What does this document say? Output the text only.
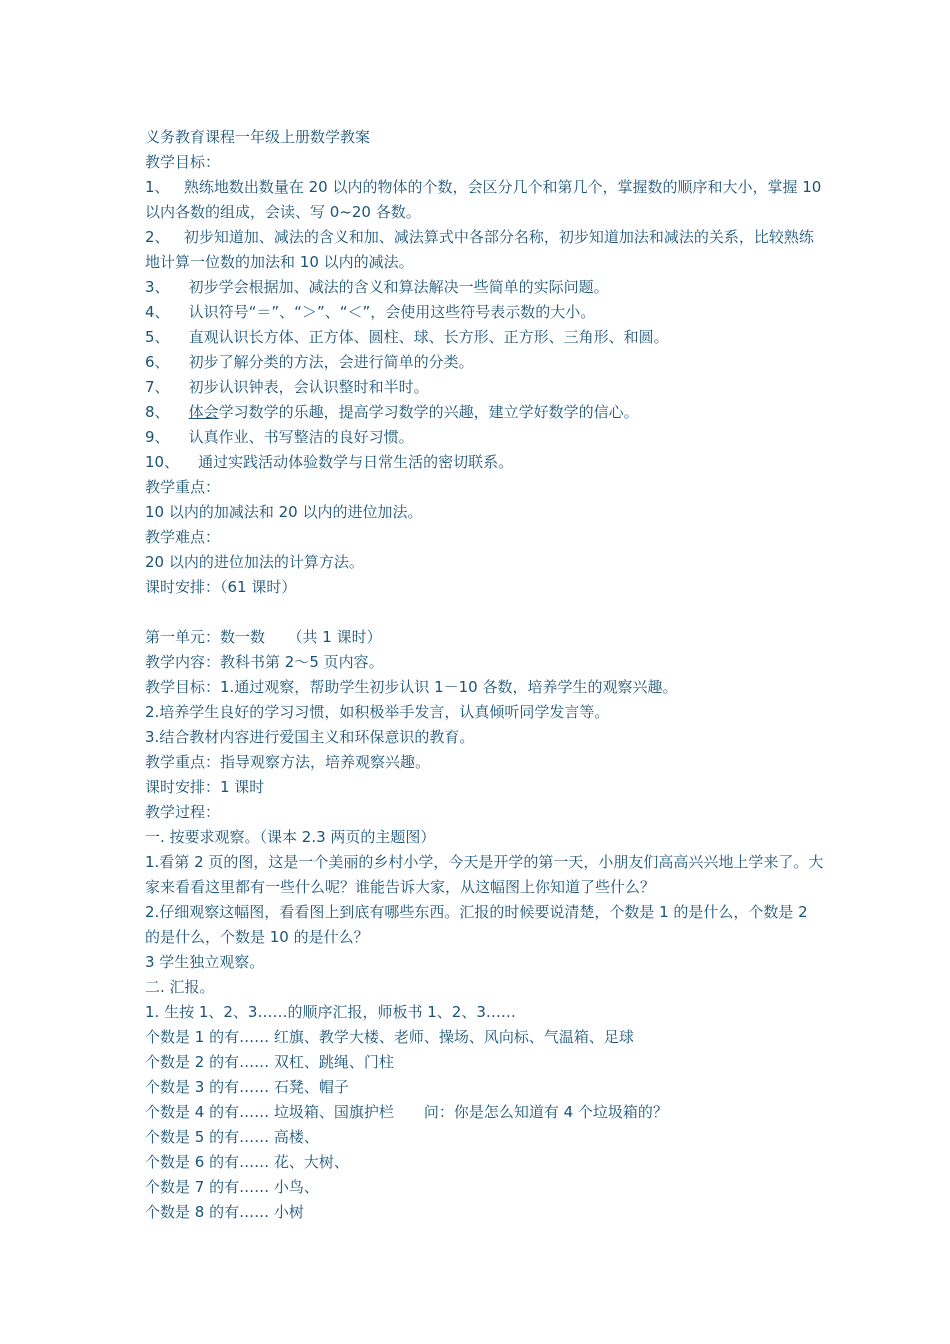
义务教育课程一年级上册数学教案

教学目标：

1、 熟练地数出数量在 20 以内的物体的个数，会区分几个和第几个，掌握数的顺序和大小，掌握 10 以内各数的组成，会读、写 0~20 各数。

2、 初步知道加、减法的含义和加、减法算式中各部分名称，初步知道加法和减法的关系，比较熟练地计算一位数的加法和 10 以内的减法。

3、 初步学会根据加、减法的含义和算法解决一些简单的实际问题。

4、 认识符号“＝”、“＞”、“＜”，会使用这些符号表示数的大小。

5、 直观认识长方体、正方体、圆柱、球、长方形、正方形、三角形、和圆。

6、 初步了解分类的方法，会进行简单的分类。

7、 初步认识钟表，会认识整时和半时。

8、 体会学习数学的乐趣，提高学习数学的兴趣，建立学好数学的信心。

9、 认真作业、书写整洁的良好习惯。

10、 通过实践活动体验数学与日常生活的密切联系。

教学重点：

10 以内的加减法和 20 以内的进位加法。

教学难点：

20 以内的进位加法的计算方法。

课时安排：（61 课时）

第一单元：数一数　　（共 1 课时）

教学内容：教科书第 2～5 页内容。

教学目标：1.通过观察，帮助学生初步认识 1－10 各数，培养学生的观察兴趣。

2.培养学生良好的学习习惯，如积极举手发言，认真倾听同学发言等。

3.结合教材内容进行爱国主义和环保意识的教育。

教学重点：指导观察方法，培养观察兴趣。

课时安排：1 课时

教学过程：

一. 按要求观察。（课本 2.3 两页的主题图）

1.看第 2 页的图，这是一个美丽的乡村小学，今天是开学的第一天，小朋友们高高兴兴地上学来了。大家来看看这里都有一些什么呢？谁能告诉大家，从这幅图上你知道了些什么？

2.仔细观察这幅图，看看图上到底有哪些东西。汇报的时候要说清楚，个数是 1 的是什么，个数是 2 的是什么，个数是 10 的是什么？

3 学生独立观察。

二. 汇报。

1. 生按 1、2、3……的顺序汇报，师板书 1、2、3……

个数是 1 的有…… 红旗、教学大楼、老师、操场、风向标、气温箱、足球

个数是 2 的有…… 双杠、跳绳、门柱

个数是 3 的有…… 石凳、帽子

个数是 4 的有…… 垃圾箱、国旗护栏　　问：你是怎么知道有 4 个垃圾箱的？

个数是 5 的有…… 高楼、

个数是 6 的有…… 花、大树、

个数是 7 的有…… 小鸟、

个数是 8 的有…… 小树
